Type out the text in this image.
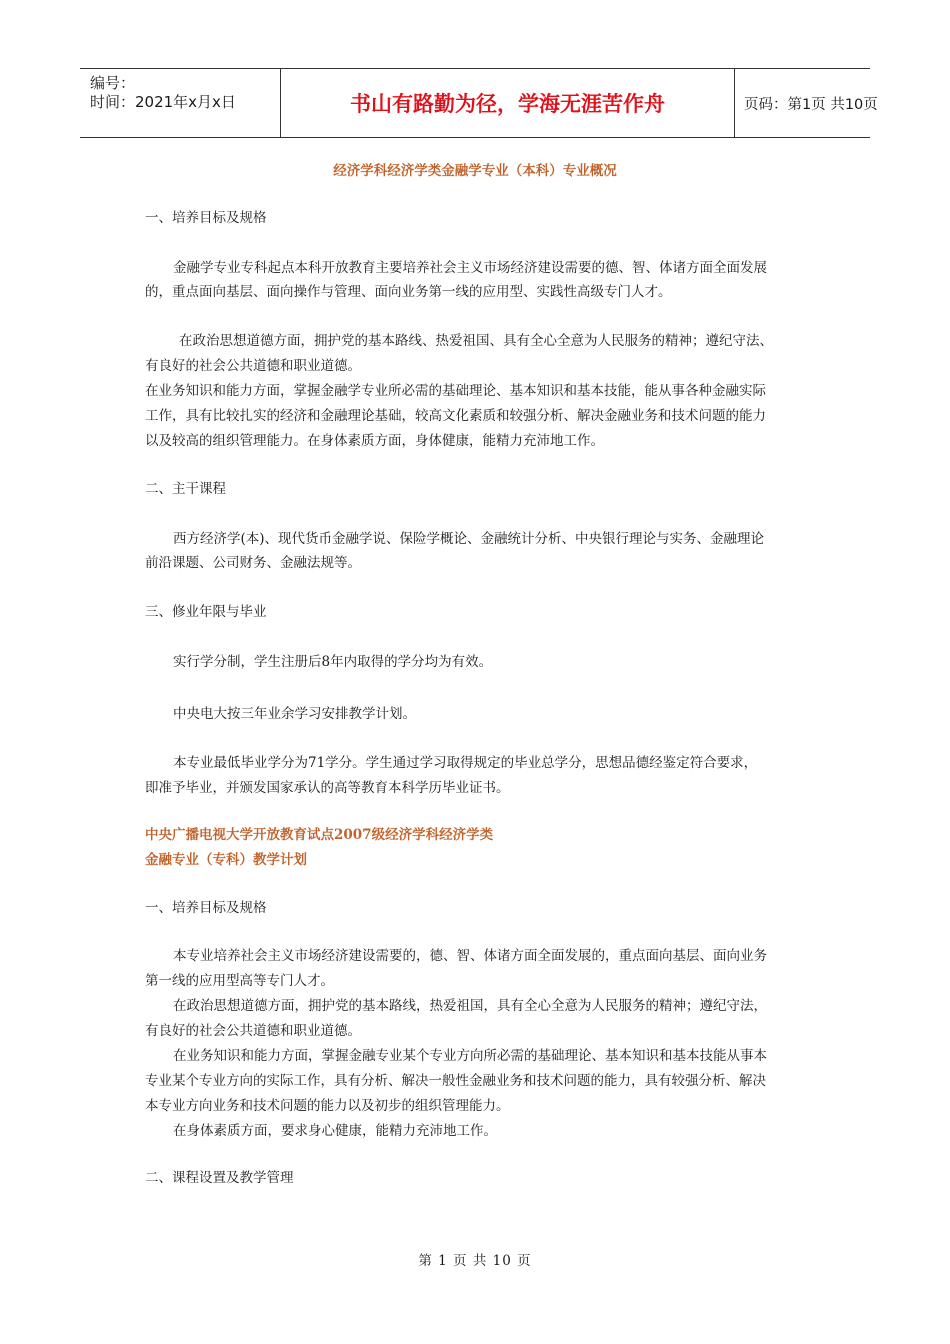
编号：
时间：2021年x月x日	书山有路勤为径，学海无涯苦作舟	页码：第1页 共10页
经济学科经济学类金融学专业（本科）专业概况
一、培养目标及规格
金融学专业专科起点本科开放教育主要培养社会主义市场经济建设需要的德、智、体诸方面全面发展
的，重点面向基层、面向操作与管理、面向业务第一线的应用型、实践性高级专门人才。
在政治思想道德方面，拥护党的基本路线、热爱祖国、具有全心全意为人民服务的精神；遵纪守法、
有良好的社会公共道德和职业道德。
在业务知识和能力方面，掌握金融学专业所必需的基础理论、基本知识和基本技能，能从事各种金融实际
工作，具有比较扎实的经济和金融理论基础，较高文化素质和较强分析、解决金融业务和技术问题的能力
以及较高的组织管理能力。在身体素质方面，身体健康，能精力充沛地工作。
二、主干课程
西方经济学(本)、现代货币金融学说、保险学概论、金融统计分析、中央银行理论与实务、金融理论
前沿课题、公司财务、金融法规等。
三、修业年限与毕业
实行学分制，学生注册后8年内取得的学分均为有效。
中央电大按三年业余学习安排教学计划。
本专业最低毕业学分为71学分。学生通过学习取得规定的毕业总学分，思想品德经鉴定符合要求，
即准予毕业，并颁发国家承认的高等教育本科学历毕业证书。
中央广播电视大学开放教育试点2007级经济学科经济学类
金融专业（专科）教学计划
一、培养目标及规格
本专业培养社会主义市场经济建设需要的，德、智、体诸方面全面发展的，重点面向基层、面向业务
第一线的应用型高等专门人才。
在政治思想道德方面，拥护党的基本路线，热爱祖国，具有全心全意为人民服务的精神；遵纪守法，
有良好的社会公共道德和职业道德。
在业务知识和能力方面，掌握金融专业某个专业方向所必需的基础理论、基本知识和基本技能从事本
专业某个专业方向的实际工作，具有分析、解决一般性金融业务和技术问题的能力，具有较强分析、解决
本专业方向业务和技术问题的能力以及初步的组织管理能力。
在身体素质方面，要求身心健康，能精力充沛地工作。
二、课程设置及教学管理
第 1 页 共 10 页
